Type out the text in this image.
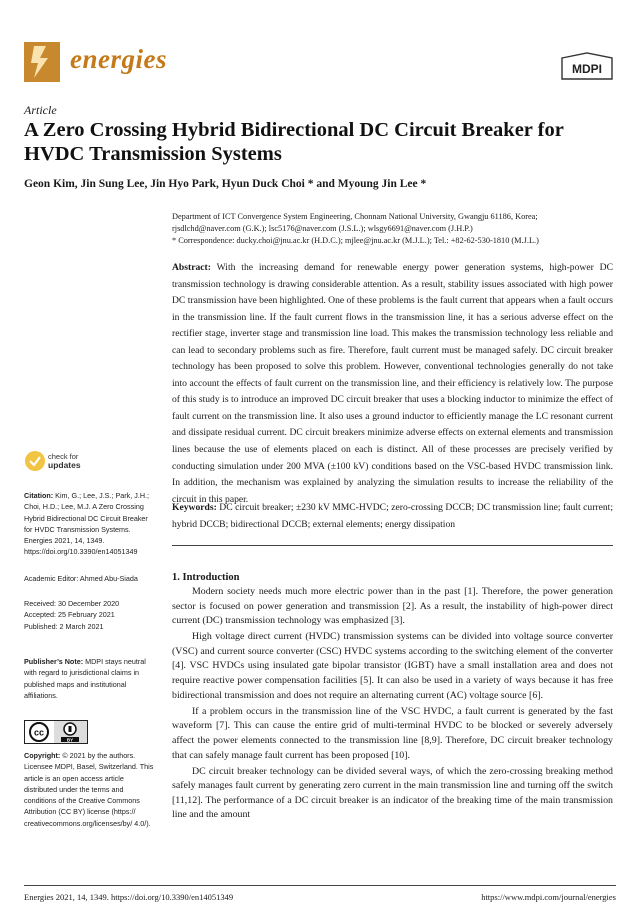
energies	MDPI
Article
A Zero Crossing Hybrid Bidirectional DC Circuit Breaker for HVDC Transmission Systems
Geon Kim, Jin Sung Lee, Jin Hyo Park, Hyun Duck Choi * and Myoung Jin Lee *
Department of ICT Convergence System Engineering, Chonnam National University, Gwangju 61186, Korea;
rjsdlchd@naver.com (G.K.); lsc5176@naver.com (J.S.L.); wlsgy6691@naver.com (J.H.P.)
* Correspondence: ducky.choi@jnu.ac.kr (H.D.C.); mjlee@jnu.ac.kr (M.J.L.); Tel.: +82-62-530-1810 (M.J.L.)
Abstract: With the increasing demand for renewable energy power generation systems, high-power DC transmission technology is drawing considerable attention. As a result, stability issues associated with high power DC transmission have been highlighted. One of these problems is the fault current that appears when a fault occurs in the transmission line. If the fault current flows in the transmission line, it has a serious adverse effect on the rectifier stage, inverter stage and transmission line load. This makes the transmission technology less reliable and can lead to secondary problems such as fire. Therefore, fault current must be managed safely. DC circuit breaker technology has been proposed to solve this problem. However, conventional technologies generally do not take into account the effects of fault current on the transmission line, and their efficiency is relatively low. The purpose of this study is to introduce an improved DC circuit breaker that uses a blocking inductor to minimize the effect of fault current on the transmission line. It also uses a ground inductor to efficiently manage the LC resonant current and dissipate residual current. DC circuit breakers minimize adverse effects on external elements and transmission lines because the use of elements placed on each is distinct. All of these processes are precisely verified by conducting simulation under 200 MVA (±100 kV) conditions based on the VSC-based HVDC transmission link. In addition, the mechanism was explained by analyzing the simulation results to increase the reliability of the circuit in this paper.
Keywords: DC circuit breaker; ±230 kV MMC-HVDC; zero-crossing DCCB; DC transmission line; fault current; hybrid DCCB; bidirectional DCCB; external elements; energy dissipation
1. Introduction

Modern society needs much more electric power than in the past [1]. Therefore, the power generation sector is focused on power generation and transmission [2]. As a result, the instability of high-power direct current (DC) transmission technology was emphasized [3].

High voltage direct current (HVDC) transmission systems can be divided into voltage source converter (VSC) and current source converter (CSC) HVDC systems according to the switching element of the converter [4]. VSC HVDCs using insulated gate bipolar transistor (IGBT) have a small installation area and does not require reactive power compensation facilities [5]. It can also be used in a variety of ways because it has free bidirectional transmission and does not require an alternating current (AC) voltage source [6].

If a problem occurs in the transmission line of the VSC HVDC, a fault current is generated by the fast waveform [7]. This can cause the entire grid of multi-terminal HVDC to be blocked or severely adversely affect the power elements connected to the transmission line [8,9]. Therefore, DC circuit breaker technology that can safely manage fault current has been proposed [10].

DC circuit breaker technology can be divided several ways, of which the zero-crossing breaking method safely manages fault current by generating zero current in the main transmission line and turning off the switch [11,12]. The performance of a DC circuit breaker is an indicator of the breaking time of the main transmission line and the amount

check for
updates
Citation: Kim, G.; Lee, J.S.; Park, J.H.; Choi, H.D.; Lee, M.J. A Zero Crossing Hybrid Bidirectional DC Circuit Breaker for HVDC Transmission Systems. Energies 2021, 14, 1349. https://doi.org/10.3390/en14051349
Academic Editor: Ahmed Abu-Siada
Received: 30 December 2020
Accepted: 25 February 2021
Published: 2 March 2021
Publisher’s Note: MDPI stays neutral with regard to jurisdictional claims in published maps and institutional affiliations.
cc
BY
Copyright: © 2021 by the authors. Licensee MDPI, Basel, Switzerland. This article is an open access article distributed under the terms and conditions of the Creative Commons Attribution (CC BY) license (https:// creativecommons.org/licenses/by/ 4.0/).
Energies 2021, 14, 1349. https://doi.org/10.3390/en14051349	https://www.mdpi.com/journal/energies
